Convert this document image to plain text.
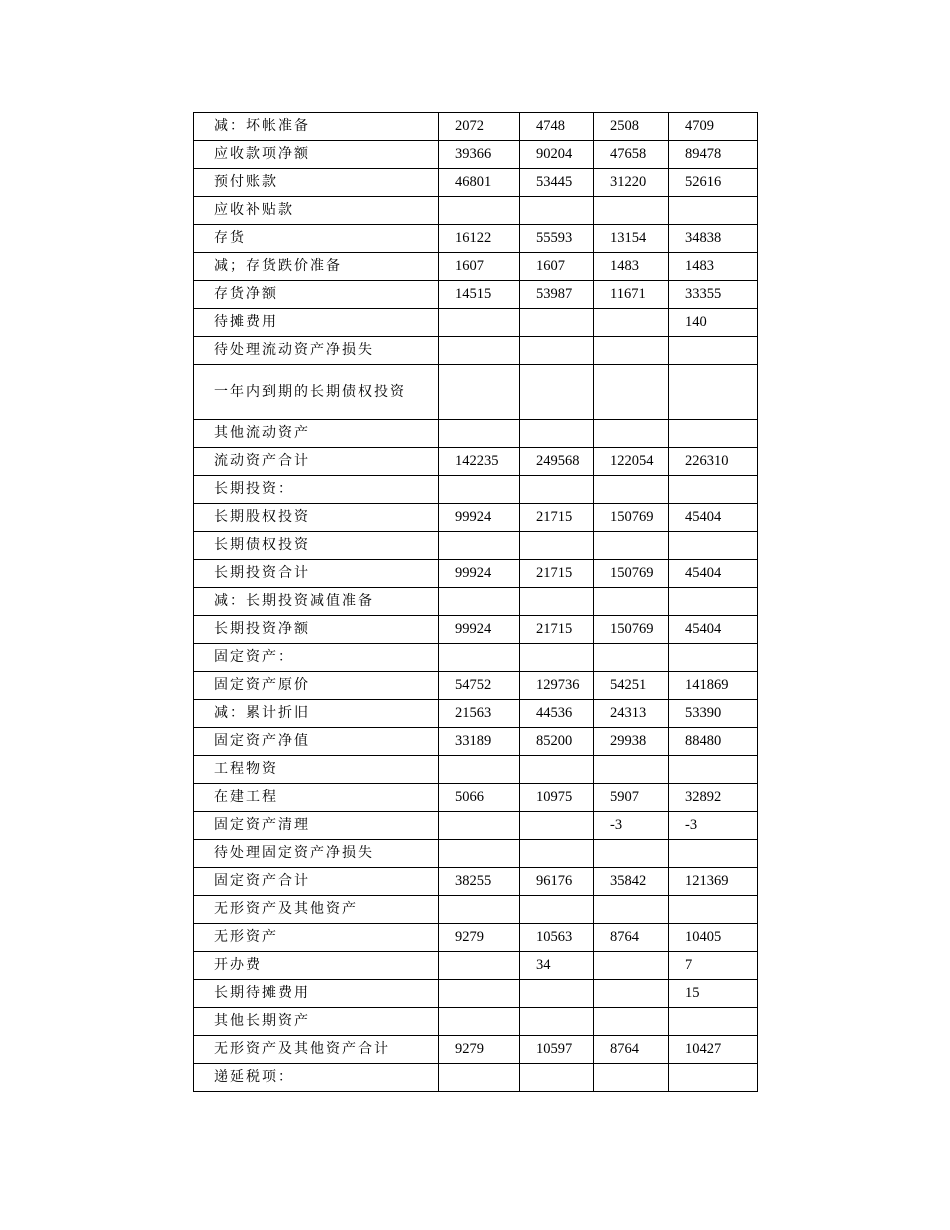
减：坏帐准备	2072	4748	2508	4709
应收款项净额	39366	90204	47658	89478
预付账款	46801	53445	31220	52616
应收补贴款				
存货	16122	55593	13154	34838
减；存货跌价准备	1607	1607	1483	1483
存货净额	14515	53987	11671	33355
待摊费用				140
待处理流动资产净损失				
一年内到期的长期债权投资				
其他流动资产				
流动资产合计	142235	249568	122054	226310
长期投资：				
长期股权投资	99924	21715	150769	45404
长期债权投资				
长期投资合计	99924	21715	150769	45404
减：长期投资减值准备				
长期投资净额	99924	21715	150769	45404
固定资产：				
固定资产原价	54752	129736	54251	141869
减：累计折旧	21563	44536	24313	53390
固定资产净值	33189	85200	29938	88480
工程物资				
在建工程	5066	10975	5907	32892
固定资产清理			-3	-3
待处理固定资产净损失				
固定资产合计	38255	96176	35842	121369
无形资产及其他资产				
无形资产	9279	10563	8764	10405
开办费		34		7
长期待摊费用				15
其他长期资产				
无形资产及其他资产合计	9279	10597	8764	10427
递延税项：				
